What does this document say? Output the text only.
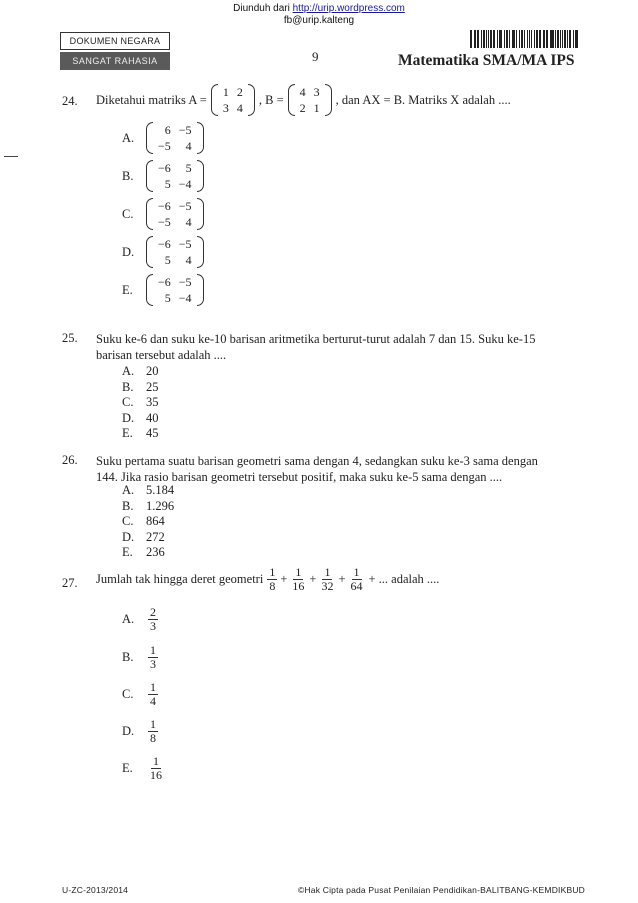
Diunduh dari http://urip.wordpress.com
fb@urip.kalteng
DOKUMEN NEGARA
SANGAT RAHASIA	9	Matematika SMA/MA IPS
24. Diketahui matriks A =
1	2
3	4
, B =
4	3
2	1
, dan AX = B. Matriks X adalah ....
A.
6	−5
−5	4
B.
−6	5
5	−4
C.
−6	−5
−5	4
D.
−6	−5
5	4
E.
−6	−5
5	−4
25. Suku ke-6 dan suku ke-10 barisan aritmetika berturut-turut adalah 7 dan 15. Suku ke-15
barisan tersebut adalah ....
A. 20
B. 25
C. 35
D. 40
E. 45
26. Suku pertama suatu barisan geometri sama dengan 4, sedangkan suku ke-3 sama dengan
144. Jika rasio barisan geometri tersebut positif, maka suku ke-5 sama dengan ....
A. 5.184
B. 1.296
C. 864
D. 272
E. 236
27. Jumlah tak hingga deret geometri $\frac{1}{8} + \frac{1}{16} + \frac{1}{32} + \frac{1}{64}$ + ... adalah ....
A. $\frac{2}{3}$
B. $\frac{1}{3}$
C. $\frac{1}{4}$
D. $\frac{1}{8}$
E. $\frac{1}{16}$
U-ZC-2013/2014	©Hak Cipta pada Pusat Penilaian Pendidikan-BALITBANG-KEMDIKBUD
